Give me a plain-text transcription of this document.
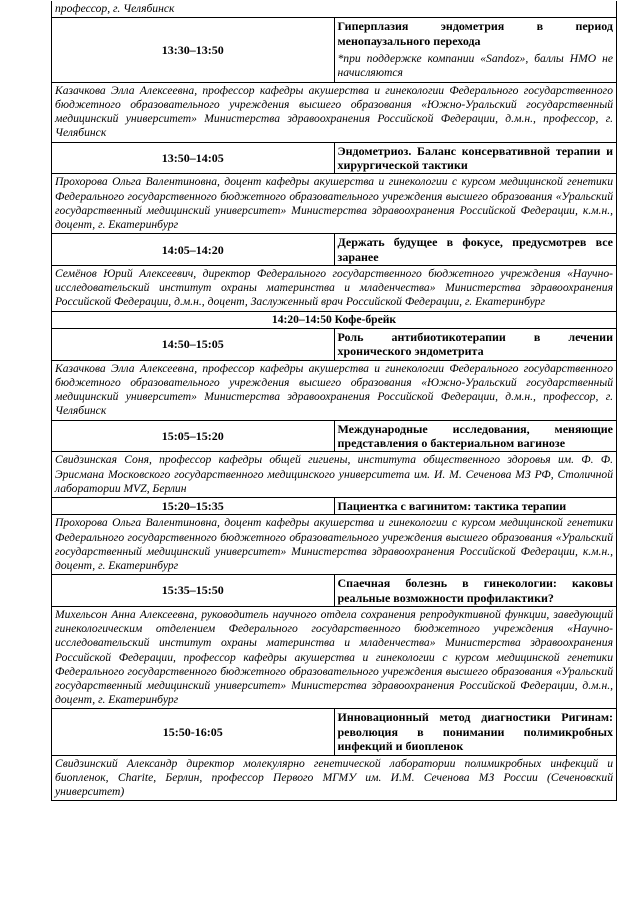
профессор, г. Челябинск	
13:30–13:50	Гиперплазия эндометрия в период менопаузального перехода
*при поддержке компании «Sandoz», баллы НМО не начисляются

Казачкова Элла Алексеевна, профессор кафедры акушерства и гинекологии Федерального государственного бюджетного образовательного учреждения высшего образования «Южно-Уральский государственный медицинский университет» Министерства здравоохранения Российской Федерации, д.м.н., профессор, г. Челябинск	
13:50–14:05	Эндометриоз. Баланс консервативной терапии и хирургической тактики
Прохорова Ольга Валентиновна, доцент кафедры акушерства и гинекологии с курсом медицинской генетики Федерального государственного бюджетного образовательного учреждения высшего образования «Уральский государственный медицинский университет» Министерства здравоохранения Российской Федерации, к.м.н., доцент, г. Екатеринбург	
14:05–14:20	Держать будущее в фокусе, предусмотрев все заранее
Семёнов Юрий Алексеевич, директор Федерального государственного бюджетного учреждения «Научно-исследовательский институт охраны материнства и младенчества» Министерства здравоохранения Российской Федерации, д.м.н., доцент, Заслуженный врач Российской Федерации, г. Екатеринбург	
14:20–14:50 Кофе-брейк	
14:50–15:05	Роль антибиотикотерапии в лечении хронического эндометрита
Казачкова Элла Алексеевна, профессор кафедры акушерства и гинекологии Федерального государственного бюджетного образовательного учреждения высшего образования «Южно-Уральский государственный медицинский университет» Министерства здравоохранения Российской Федерации, д.м.н., профессор, г. Челябинск	
15:05–15:20	Международные исследования, меняющие представления о бактериальном вагинозе
Свидзинская Соня, профессор кафедры общей гигиены, института общественного здоровья им. Ф. Ф. Эрисмана Московского государственного медицинского университета им. И. М. Сеченова МЗ РФ, Столичной лаборатории MVZ, Берлин	
15:20–15:35	Пациентка с вагинитом: тактика терапии
Прохорова Ольга Валентиновна, доцент кафедры акушерства и гинекологии с курсом медицинской генетики Федерального государственного бюджетного образовательного учреждения высшего образования «Уральский государственный медицинский университет» Министерства здравоохранения Российской Федерации, к.м.н., доцент, г. Екатеринбург	
15:35–15:50	Спаечная болезнь в гинекологии: каковы реальные возможности профилактики?
Михельсон Анна Алексеевна, руководитель научного отдела сохранения репродуктивной функции, заведующий гинекологическим отделением Федерального государственного бюджетного учреждения «Научно-исследовательский институт охраны материнства и младенчества» Министерства здравоохранения Российской Федерации, профессор кафедры акушерства и гинекологии с курсом медицинской генетики Федерального государственного бюджетного образовательного учреждения высшего образования «Уральский государственный медицинский университет» Министерства здравоохранения Российской Федерации, д.м.н., доцент, г. Екатеринбург	
15:50-16:05	Инновационный метод диагностики Ригинам: революция в понимании полимикробных инфекций и биопленок
Свидзинский Александр директор молекулярно генетической лаборатории полимикробных инфекций и биопленок, Charite, Берлин, профессор Первого МГМУ им. И.М. Сеченова МЗ России (Сеченовский университет)	
